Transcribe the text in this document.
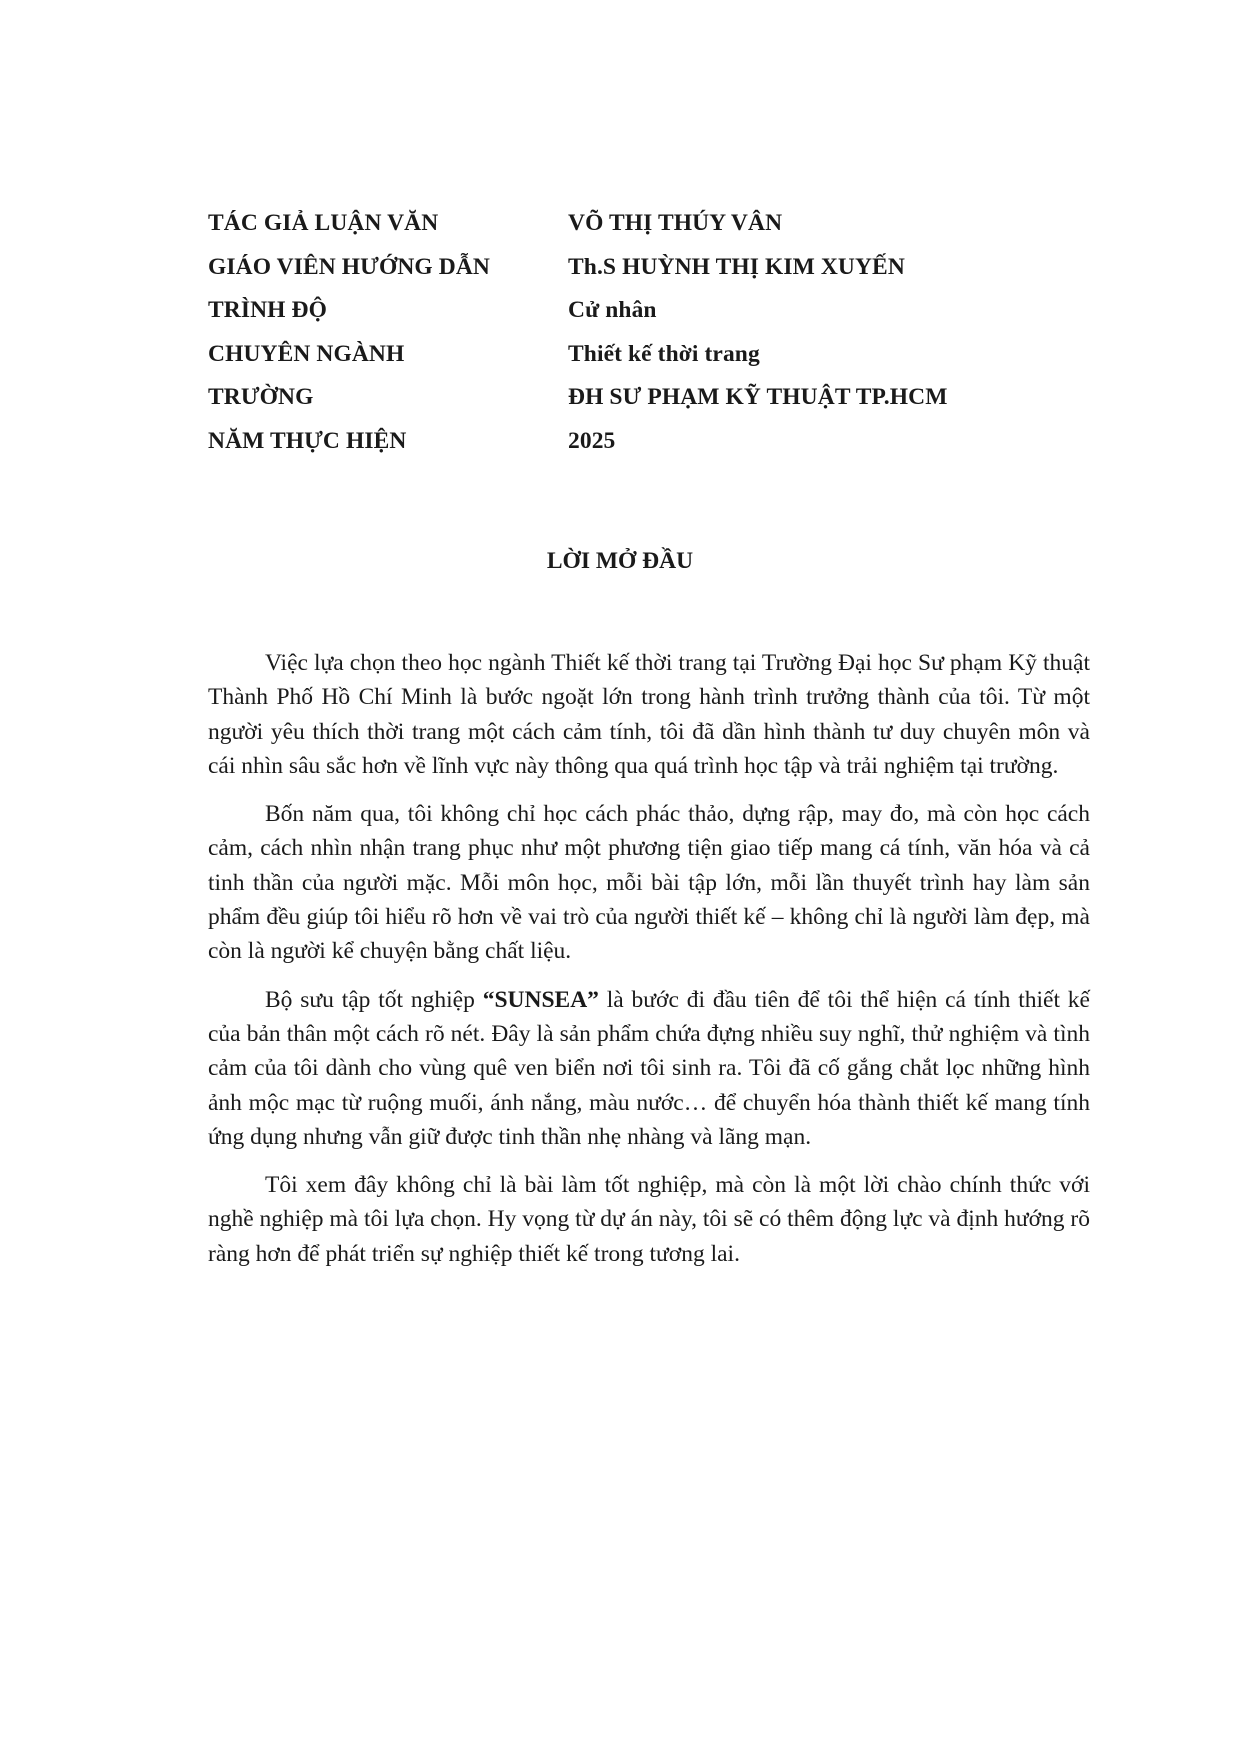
TÁC GIẢ LUẬN VĂN	VÕ THỊ THÚY VÂN
GIÁO VIÊN HƯỚNG DẪN	Th.S HUỲNH THỊ KIM XUYẾN
TRÌNH ĐỘ	Cử nhân
CHUYÊN NGÀNH	Thiết kế thời trang
TRƯỜNG	ĐH SƯ PHẠM KỸ THUẬT TP.HCM
NĂM THỰC HIỆN	2025
LỜI MỞ ĐẦU

Việc lựa chọn theo học ngành Thiết kế thời trang tại Trường Đại học Sư phạm Kỹ thuật Thành Phố Hồ Chí Minh là bước ngoặt lớn trong hành trình trưởng thành của tôi. Từ một người yêu thích thời trang một cách cảm tính, tôi đã dần hình thành tư duy chuyên môn và cái nhìn sâu sắc hơn về lĩnh vực này thông qua quá trình học tập và trải nghiệm tại trường.

Bốn năm qua, tôi không chỉ học cách phác thảo, dựng rập, may đo, mà còn học cách cảm, cách nhìn nhận trang phục như một phương tiện giao tiếp mang cá tính, văn hóa và cả tinh thần của người mặc. Mỗi môn học, mỗi bài tập lớn, mỗi lần thuyết trình hay làm sản phẩm đều giúp tôi hiểu rõ hơn về vai trò của người thiết kế – không chỉ là người làm đẹp, mà còn là người kể chuyện bằng chất liệu.

Bộ sưu tập tốt nghiệp “SUNSEA” là bước đi đầu tiên để tôi thể hiện cá tính thiết kế của bản thân một cách rõ nét. Đây là sản phẩm chứa đựng nhiều suy nghĩ, thử nghiệm và tình cảm của tôi dành cho vùng quê ven biển nơi tôi sinh ra. Tôi đã cố gắng chắt lọc những hình ảnh mộc mạc từ ruộng muối, ánh nắng, màu nước… để chuyển hóa thành thiết kế mang tính ứng dụng nhưng vẫn giữ được tinh thần nhẹ nhàng và lãng mạn.

Tôi xem đây không chỉ là bài làm tốt nghiệp, mà còn là một lời chào chính thức với nghề nghiệp mà tôi lựa chọn. Hy vọng từ dự án này, tôi sẽ có thêm động lực và định hướng rõ ràng hơn để phát triển sự nghiệp thiết kế trong tương lai.
